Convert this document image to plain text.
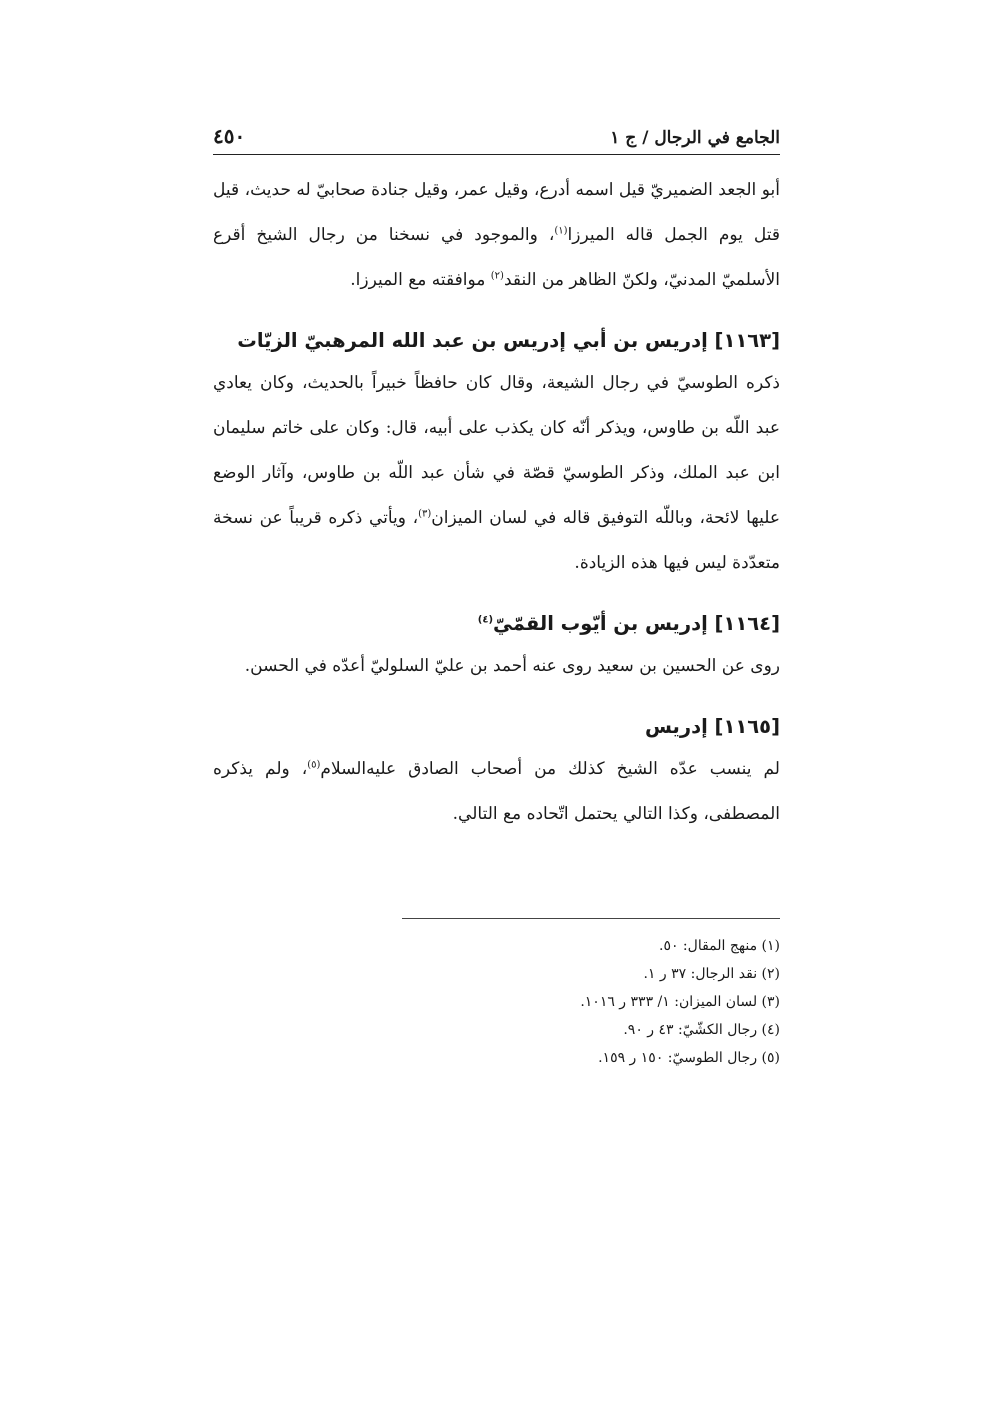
الجامع في الرجال / ج ١
٤٥٠

أبو الجعد الضميريّ قيل اسمه أدرع، وقيل عمر، وقيل جنادة صحابيّ له حديث، قيل قتل يوم الجمل قاله الميرزا$^{(١)}$، والموجود في نسخنا من رجال الشيخ أقرع الأسلميّ المدنيّ، ولكنّ الظاهر من النقد$^{(٢)}$ موافقته مع الميرزا.

[١١٦٣] إدريس بن أبي إدريس بن عبد الله المرهبيّ الزيّات

ذكره الطوسيّ في رجال الشيعة، وقال كان حافظاً خبيراً بالحديث، وكان يعادي عبد اللّه بن طاوس، ويذكر أنّه كان يكذب على أبيه، قال: وكان على خاتم سليمان ابن عبد الملك، وذكر الطوسيّ قصّة في شأن عبد اللّه بن طاوس، وآثار الوضع عليها لائحة، وباللّه التوفيق قاله في لسان الميزان$^{(٣)}$، ويأتي ذكره قريباً عن نسخة متعدّدة ليس فيها هذه الزيادة.

[١١٦٤] إدريس بن أيّوب القمّيّ$^{(٤)}$

روى عن الحسين بن سعيد روى عنه أحمد بن عليّ السلوليّ أعدّه في الحسن.

[١١٦٥] إدريس

لم ينسب عدّه الشيخ كذلك من أصحاب الصادق عليه‌السلام$^{(٥)}$، ولم يذكره المصطفى، وكذا التالي يحتمل اتّحاده مع التالي.

(١) منهج المقال: ٥٠.

(٢) نقد الرجال: ٣٧ ر ١.

(٣) لسان الميزان: ١/ ٣٣٣ ر ١٠١٦.

(٤) رجال الكشّيّ: ٤٣ ر ٩٠.

(٥) رجال الطوسيّ: ١٥٠ ر ١٥٩.
